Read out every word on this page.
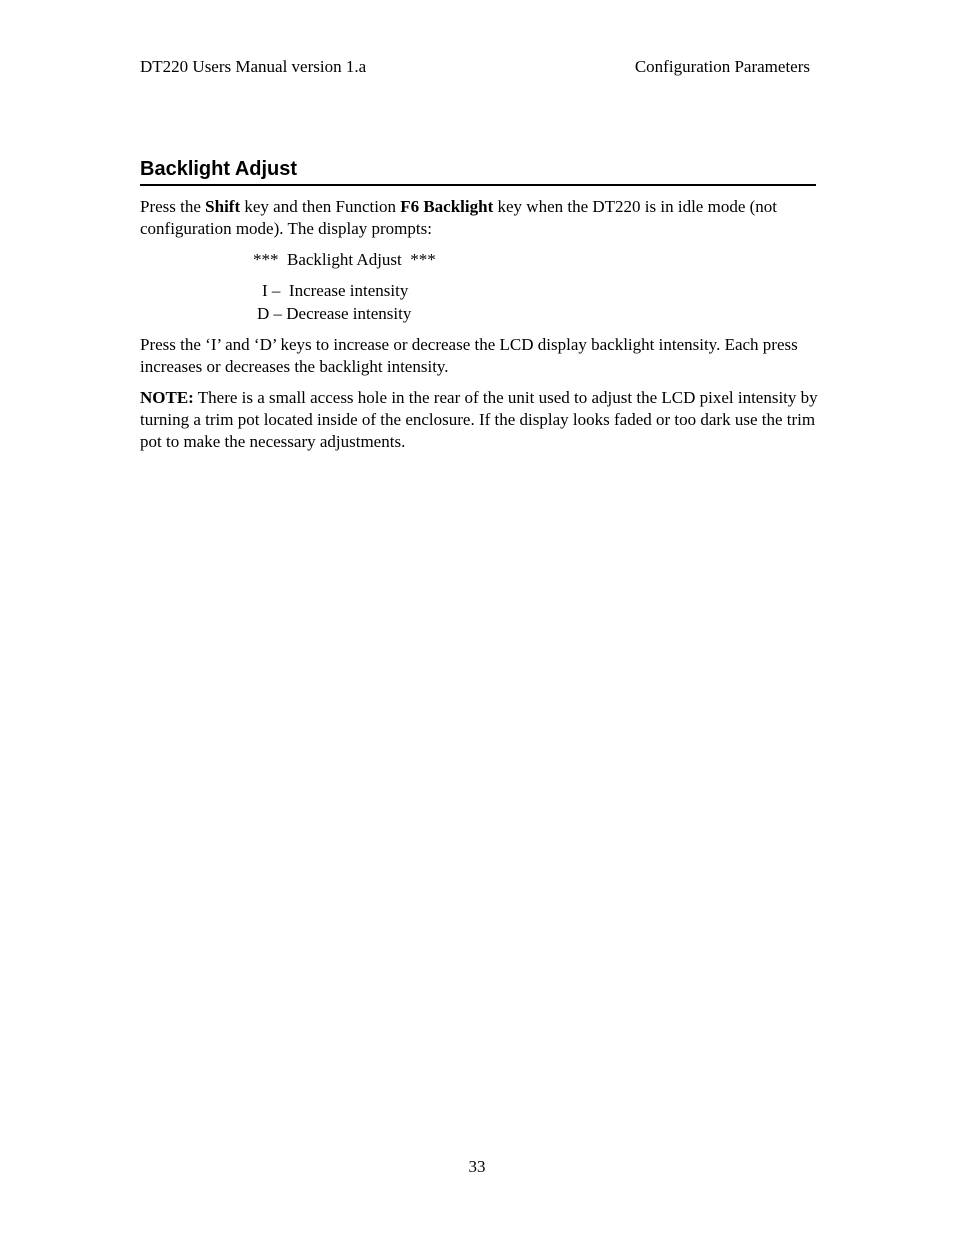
DT220 Users Manual version 1.a	Configuration Parameters
Backlight Adjust
Press the Shift key and then Function F6 Backlight key when the DT220 is in idle mode (not configuration mode). The display prompts:
***  Backlight Adjust  ***
I –  Increase intensity
D – Decrease intensity
Press the ‘I’ and ‘D’ keys to increase or decrease the LCD display backlight intensity. Each press increases or decreases the backlight intensity.
NOTE: There is a small access hole in the rear of the unit used to adjust the LCD pixel intensity by turning a trim pot located inside of the enclosure. If the display looks faded or too dark use the trim pot to make the necessary adjustments.
33
